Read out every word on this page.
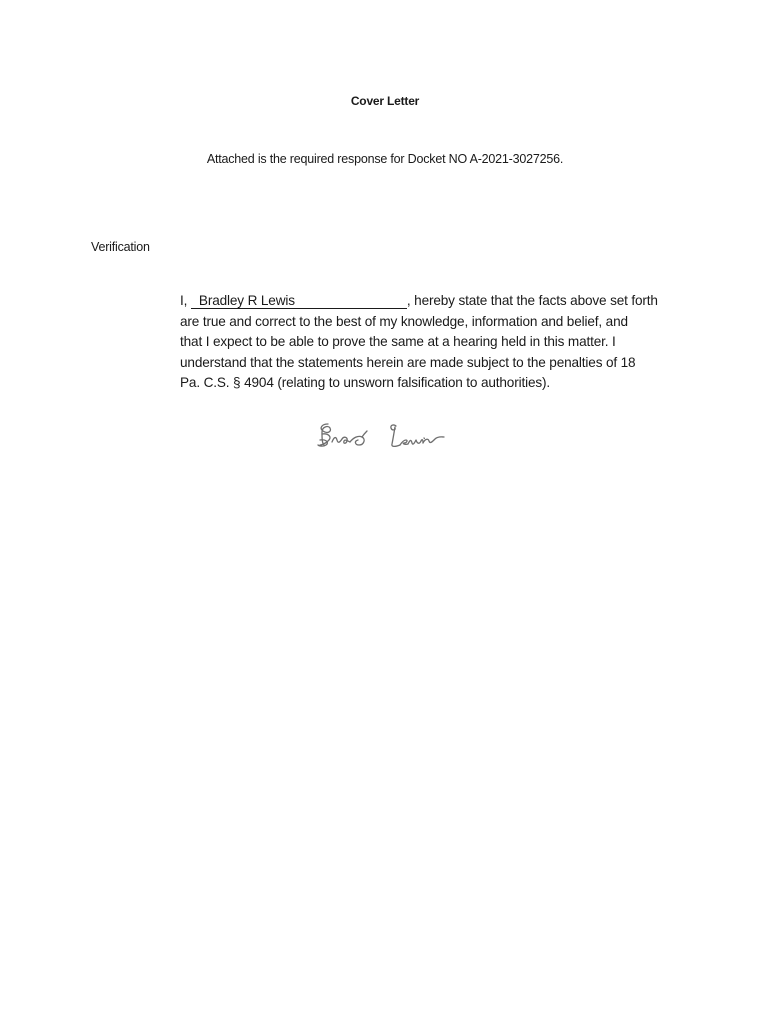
Cover Letter
Attached is the required response for Docket NO A-2021-3027256.
Verification
I, Bradley R Lewis	, hereby state that the facts above set forth
are true and correct to the best of my knowledge, information and belief, and
that I expect to be able to prove the same at a hearing held in this matter. I
understand that the statements herein are made subject to the penalties of 18
Pa. C.S. § 4904 (relating to unsworn falsification to authorities).
